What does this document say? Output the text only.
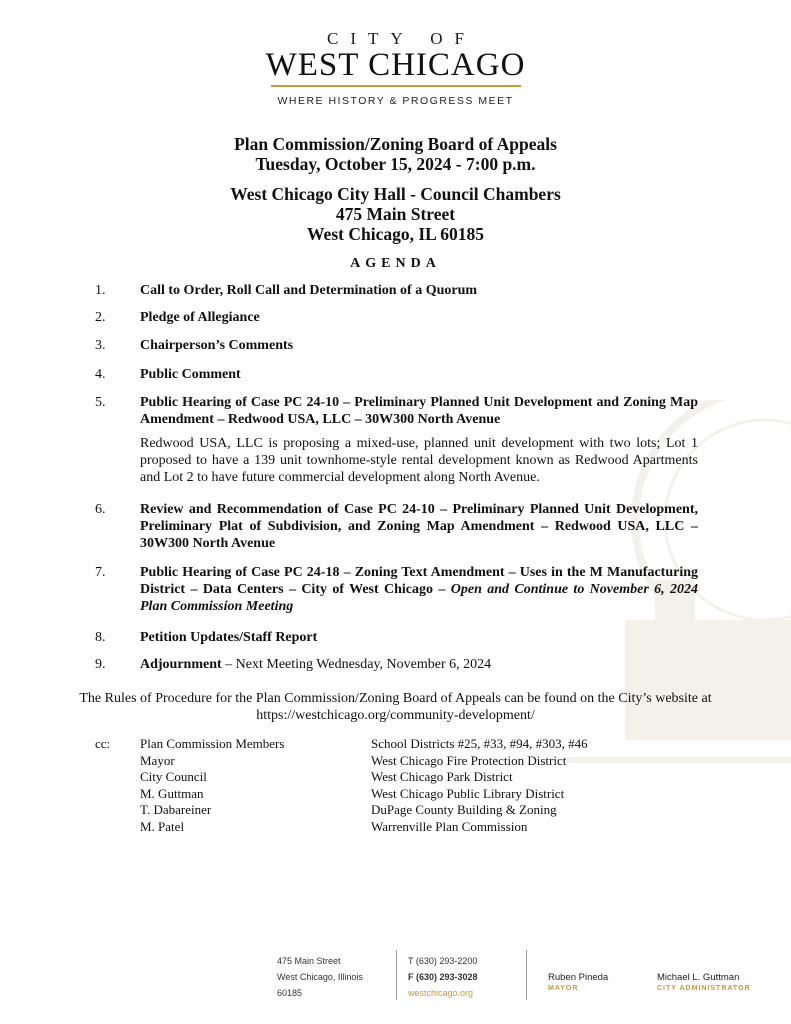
CITY OF
WEST CHICAGO
WHERE HISTORY & PROGRESS MEET
Plan Commission/Zoning Board of Appeals
Tuesday, October 15, 2024 - 7:00 p.m.
West Chicago City Hall - Council Chambers
475 Main Street
West Chicago, IL 60185
AGENDA
1. Call to Order, Roll Call and Determination of a Quorum
2. Pledge of Allegiance
3. Chairperson’s Comments
4. Public Comment
5. Public Hearing of Case PC 24-10 – Preliminary Planned Unit Development and Zoning Map Amendment – Redwood USA, LLC – 30W300 North Avenue
Redwood USA, LLC is proposing a mixed-use, planned unit development with two lots; Lot 1 proposed to have a 139 unit townhome-style rental development known as Redwood Apartments and Lot 2 to have future commercial development along North Avenue.
6. Review and Recommendation of Case PC 24-10 – Preliminary Planned Unit Development, Preliminary Plat of Subdivision, and Zoning Map Amendment – Redwood USA, LLC – 30W300 North Avenue
7. Public Hearing of Case PC 24-18 – Zoning Text Amendment – Uses in the M Manufacturing District – Data Centers – City of West Chicago – Open and Continue to November 6, 2024 Plan Commission Meeting
8. Petition Updates/Staff Report
9. Adjournment – Next Meeting Wednesday, November 6, 2024
The Rules of Procedure for the Plan Commission/Zoning Board of Appeals can be found on the City’s website at https://westchicago.org/community-development/
cc: Plan Commission Members
Mayor
City Council
M. Guttman
T. Dabareiner
M. Patel
School Districts #25, #33, #94, #303, #46
West Chicago Fire Protection District
West Chicago Park District
West Chicago Public Library District
DuPage County Building & Zoning
Warrenville Plan Commission
475 Main Street
West Chicago, Illinois
60185
T (630) 293-2200
F (630) 293-3028
westchicago.org
Ruben Pineda
MAYOR
Michael L. Guttman
CITY ADMINISTRATOR
